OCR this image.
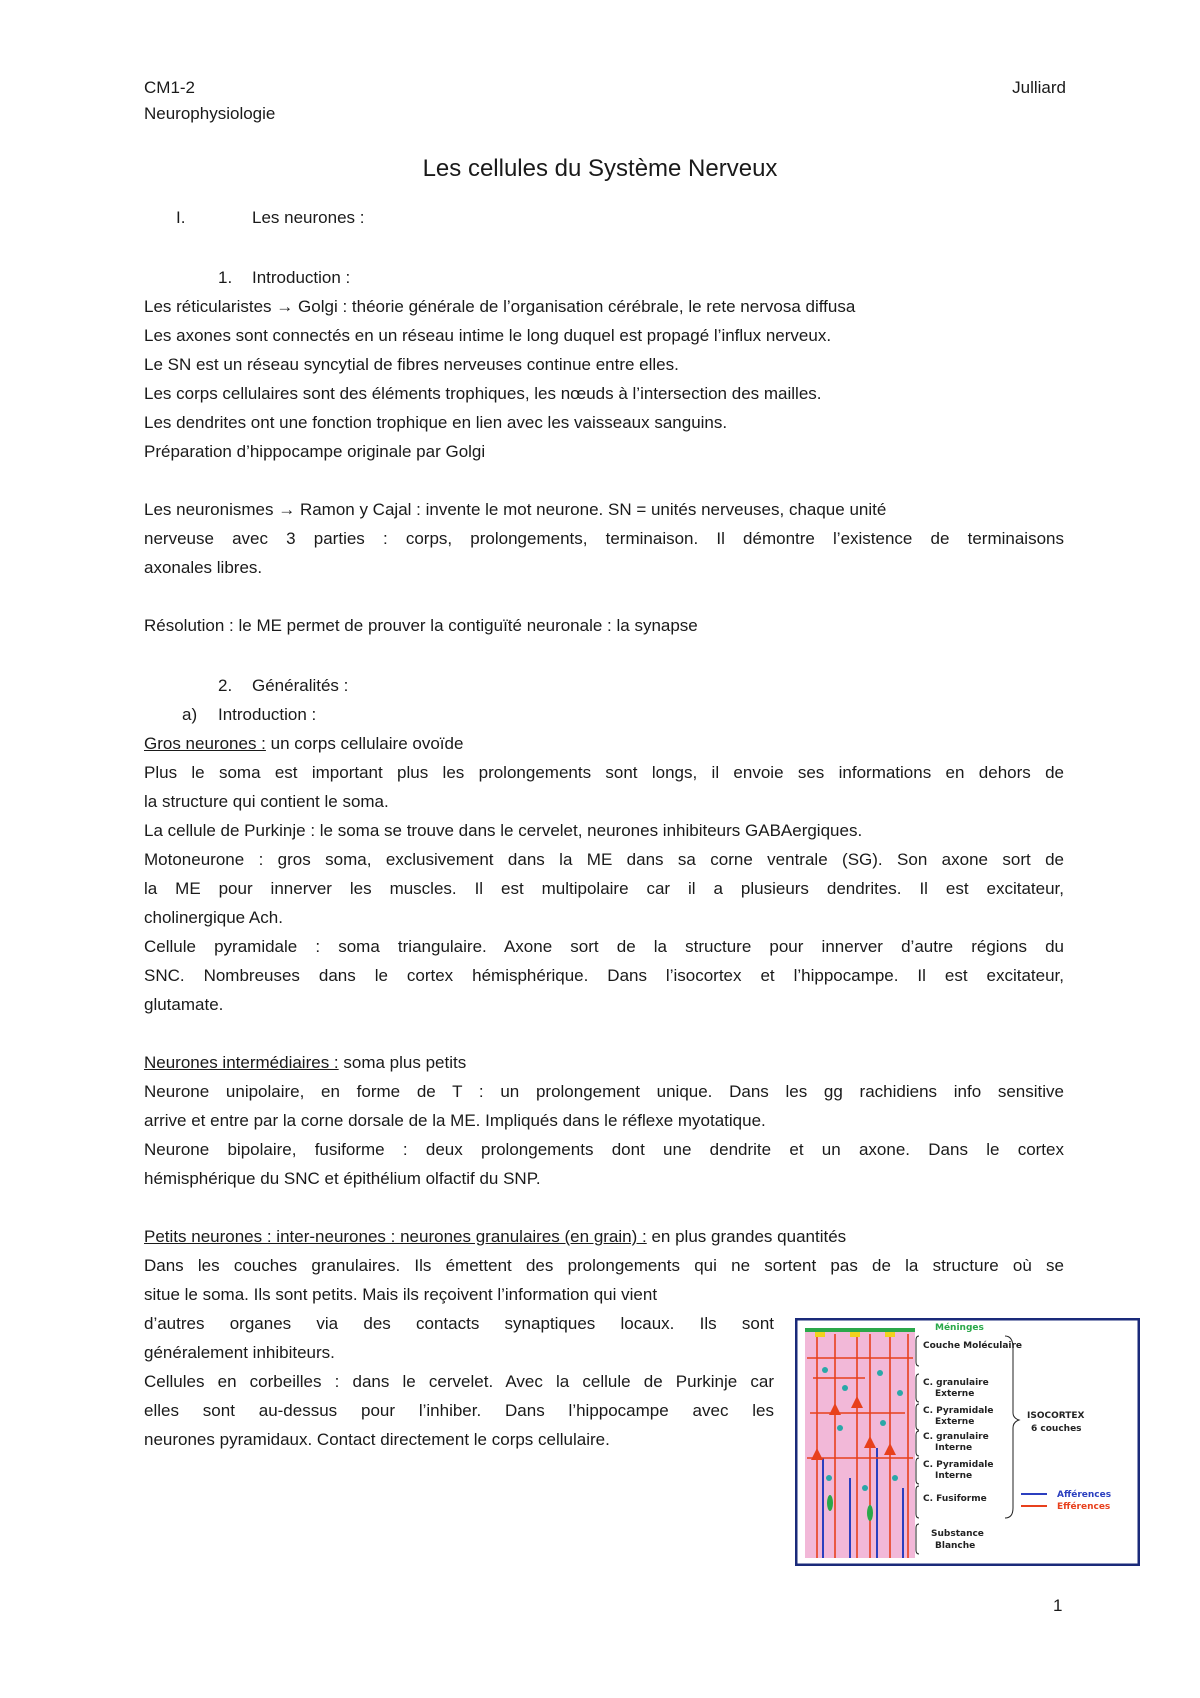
CM1-2
Neurophysiologie
Julliard
Les cellules du Système Nerveux
I.	Les neurones :
1. Introduction :
Les réticularistes → Golgi : théorie générale de l’organisation cérébrale, le rete nervosa diffusa
Les axones sont connectés en un réseau intime le long duquel est propagé l’influx nerveux.
Le SN est un réseau syncytial de fibres nerveuses continue entre elles.
Les corps cellulaires sont des éléments trophiques, les nœuds à l’intersection des mailles.
Les dendrites ont une fonction trophique en lien avec les vaisseaux sanguins.
Préparation d’hippocampe originale par Golgi
Les neuronismes → Ramon y Cajal : invente le mot neurone. SN = unités nerveuses, chaque unité
nerveuse avec 3 parties : corps, prolongements, terminaison. Il démontre l’existence de terminaisons
axonales libres.
Résolution : le ME permet de prouver la contiguïté neuronale : la synapse
2. Généralités :
a) Introduction :
Gros neurones : un corps cellulaire ovoïde
Plus le soma est important plus les prolongements sont longs, il envoie ses informations en dehors de
la structure qui contient le soma.
La cellule de Purkinje : le soma se trouve dans le cervelet, neurones inhibiteurs GABAergiques.
Motoneurone : gros soma, exclusivement dans la ME dans sa corne ventrale (SG). Son axone sort de
la ME pour innerver les muscles. Il est multipolaire car il a plusieurs dendrites. Il est excitateur,
cholinergique Ach.
Cellule pyramidale : soma triangulaire. Axone sort de la structure pour innerver d’autre régions du
SNC. Nombreuses dans le cortex hémisphérique. Dans l’isocortex et l’hippocampe. Il est excitateur,
glutamate.
Neurones intermédiaires : soma plus petits
Neurone unipolaire, en forme de T : un prolongement unique. Dans les gg rachidiens info sensitive
arrive et entre par la corne dorsale de la ME. Impliqués dans le réflexe myotatique.
Neurone bipolaire, fusiforme : deux prolongements dont une dendrite et un axone. Dans le cortex
hémisphérique du SNC et épithélium olfactif du SNP.
Petits neurones : inter-neurones : neurones granulaires (en grain) : en plus grandes quantités
Dans les couches granulaires. Ils émettent des prolongements qui ne sortent pas de la structure où se
situe le soma. Ils sont petits. Mais ils reçoivent l’information qui vient
d’autres organes via des contacts synaptiques locaux. Ils sont
généralement inhibiteurs.
Cellules en corbeilles : dans le cervelet. Avec la cellule de Purkinje car
elles sont au-dessus pour l’inhiber. Dans l’hippocampe avec les
neurones pyramidaux. Contact directement le corps cellulaire.
Méninges
Couche Moléculaire
C. granulaire
Externe
C. Pyramidale
Externe
C. granulaire
Interne
C. Pyramidale
Interne
C. Fusiforme
Substance
Blanche
ISOCORTEX
6 couches
Afférences
Efférences
1
